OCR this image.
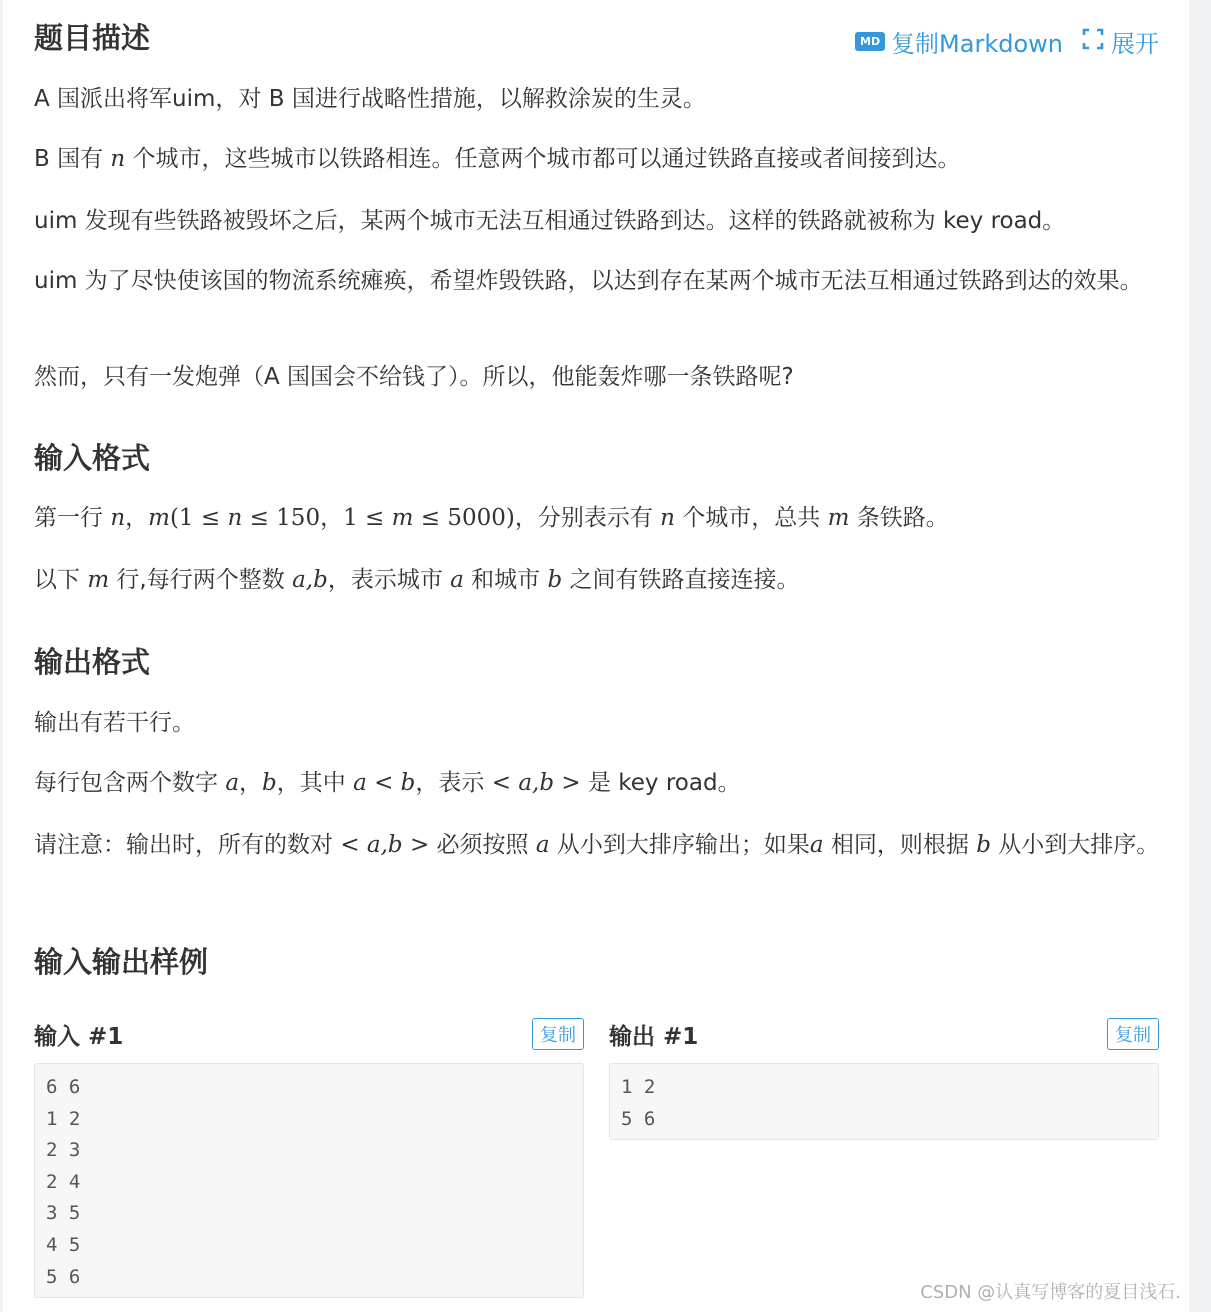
MD 复制Markdown 展开
题目描述

A 国派出将军uim，对 B 国进行战略性措施，以解救涂炭的生灵。

B 国有 n 个城市，这些城市以铁路相连。任意两个城市都可以通过铁路直接或者间接到达。

uim 发现有些铁路被毁坏之后，某两个城市无法互相通过铁路到达。这样的铁路就被称为 key road。

uim 为了尽快使该国的物流系统瘫痪，希望炸毁铁路，以达到存在某两个城市无法互相通过铁路到达的效果。

然而，只有一发炮弹（A 国国会不给钱了）。所以，他能轰炸哪一条铁路呢?

输入格式

第一行 n，m(1 ≤ n ≤ 150，1 ≤ m ≤ 5000)，分别表示有 n 个城市，总共 m 条铁路。

以下 m 行,每行两个整数 a,b，表示城市 a 和城市 b 之间有铁路直接连接。

输出格式

输出有若干行。

每行包含两个数字 a，b，其中 a < b，表示 < a,b > 是 key road。

请注意：输出时，所有的数对 < a,b > 必须按照 a 从小到大排序输出；如果a 相同，则根据 b 从小到大排序。

输入输出样例
输入 #1	复制
6 6
1 2
2 3
2 4
3 5
4 5
5 6
输出 #1	复制
1 2
5 6
CSDN @认真写博客的夏目浅石.
